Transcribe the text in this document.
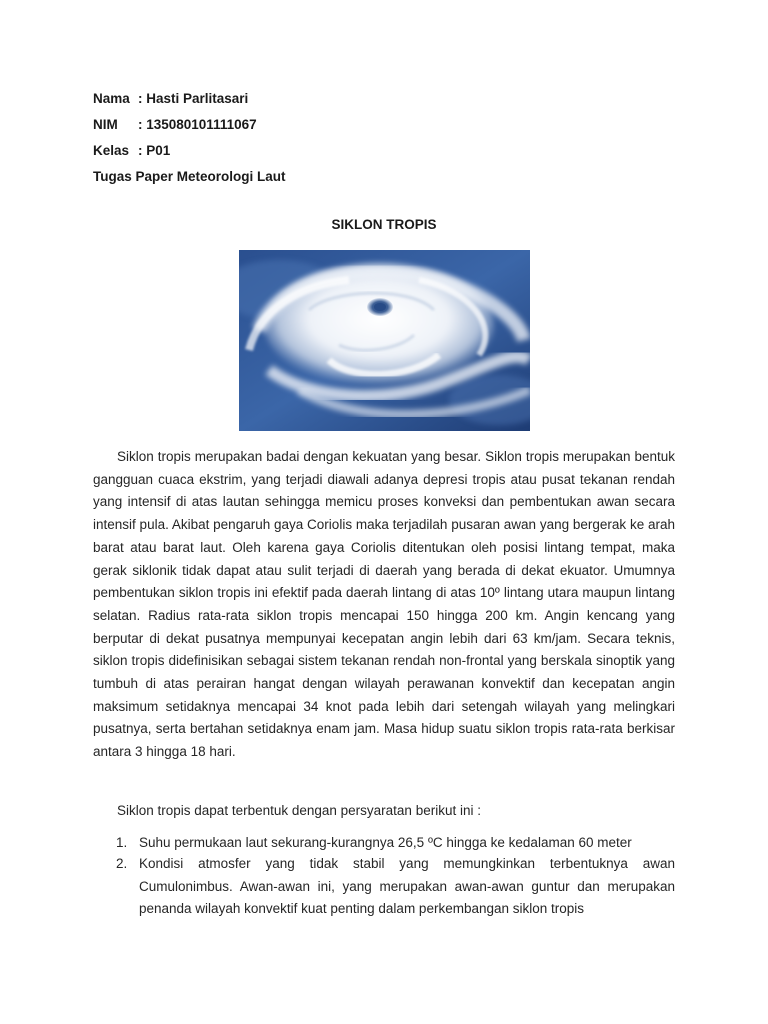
Nama : Hasti Parlitasari
NIM	: 135080101111067
Kelas : P01
Tugas Paper Meteorologi Laut
SIKLON TROPIS
Siklon tropis merupakan badai dengan kekuatan yang besar. Siklon tropis merupakan bentuk gangguan cuaca ekstrim, yang terjadi diawali adanya depresi tropis atau pusat tekanan rendah yang intensif di atas lautan sehingga memicu proses konveksi dan pembentukan awan secara intensif pula. Akibat pengaruh gaya Coriolis maka terjadilah pusaran awan yang bergerak ke arah barat atau barat laut. Oleh karena gaya Coriolis ditentukan oleh posisi lintang tempat, maka gerak siklonik tidak dapat atau sulit terjadi di daerah yang berada di dekat ekuator. Umumnya pembentukan siklon tropis ini efektif pada daerah lintang di atas 10º lintang utara maupun lintang selatan. Radius rata-rata siklon tropis mencapai 150 hingga 200 km. Angin kencang yang berputar di dekat pusatnya mempunyai kecepatan angin lebih dari 63 km/jam. Secara teknis, siklon tropis didefinisikan sebagai sistem tekanan rendah non-frontal yang berskala sinoptik yang tumbuh di atas perairan hangat dengan wilayah perawanan konvektif dan kecepatan angin maksimum setidaknya mencapai 34 knot pada lebih dari setengah wilayah yang melingkari pusatnya, serta bertahan setidaknya enam jam. Masa hidup suatu siklon tropis rata-rata berkisar antara 3 hingga 18 hari.
Siklon tropis dapat terbentuk dengan persyaratan berikut ini :
1. Suhu permukaan laut sekurang-kurangnya 26,5 ºC hingga ke kedalaman 60 meter
2. Kondisi atmosfer yang tidak stabil yang memungkinkan terbentuknya awan Cumulonimbus. Awan-awan ini, yang merupakan awan-awan guntur dan merupakan penanda wilayah konvektif kuat penting dalam perkembangan siklon tropis
